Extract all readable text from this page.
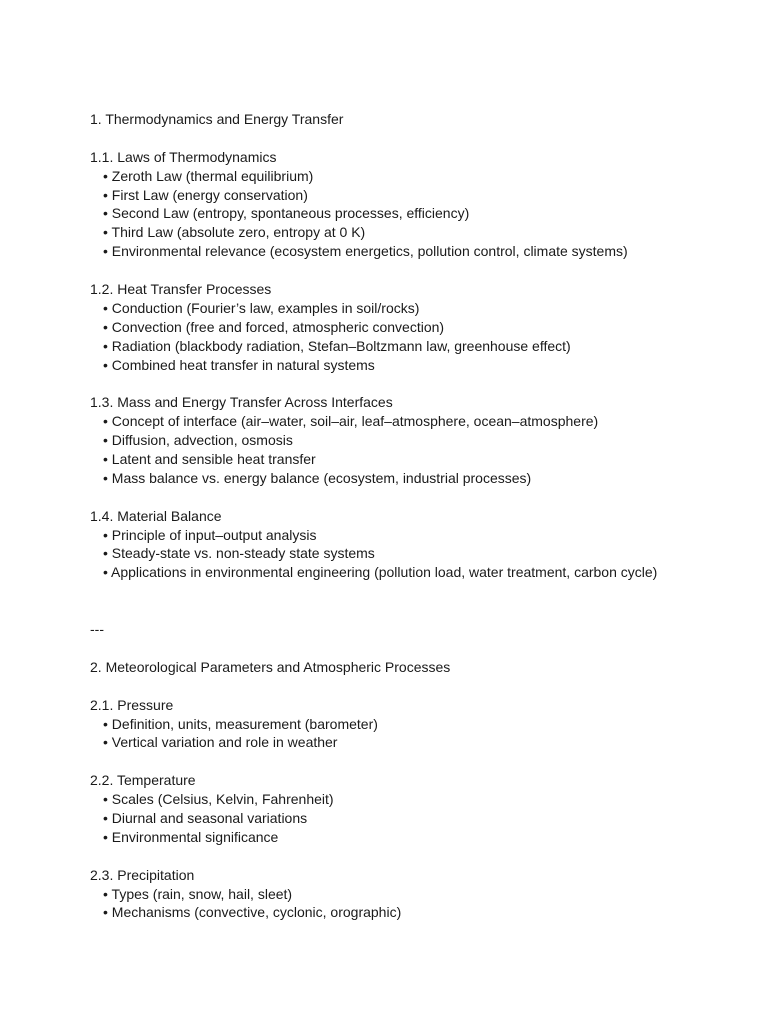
1. Thermodynamics and Energy Transfer
1.1. Laws of Thermodynamics
• Zeroth Law (thermal equilibrium)
• First Law (energy conservation)
• Second Law (entropy, spontaneous processes, efficiency)
• Third Law (absolute zero, entropy at 0 K)
• Environmental relevance (ecosystem energetics, pollution control, climate systems)
1.2. Heat Transfer Processes
• Conduction (Fourier’s law, examples in soil/rocks)
• Convection (free and forced, atmospheric convection)
• Radiation (blackbody radiation, Stefan–Boltzmann law, greenhouse effect)
• Combined heat transfer in natural systems
1.3. Mass and Energy Transfer Across Interfaces
• Concept of interface (air–water, soil–air, leaf–atmosphere, ocean–atmosphere)
• Diffusion, advection, osmosis
• Latent and sensible heat transfer
• Mass balance vs. energy balance (ecosystem, industrial processes)
1.4. Material Balance
• Principle of input–output analysis
• Steady-state vs. non-steady state systems
• Applications in environmental engineering (pollution load, water treatment, carbon cycle)
---
2. Meteorological Parameters and Atmospheric Processes
2.1. Pressure
• Definition, units, measurement (barometer)
• Vertical variation and role in weather
2.2. Temperature
• Scales (Celsius, Kelvin, Fahrenheit)
• Diurnal and seasonal variations
• Environmental significance
2.3. Precipitation
• Types (rain, snow, hail, sleet)
• Mechanisms (convective, cyclonic, orographic)
